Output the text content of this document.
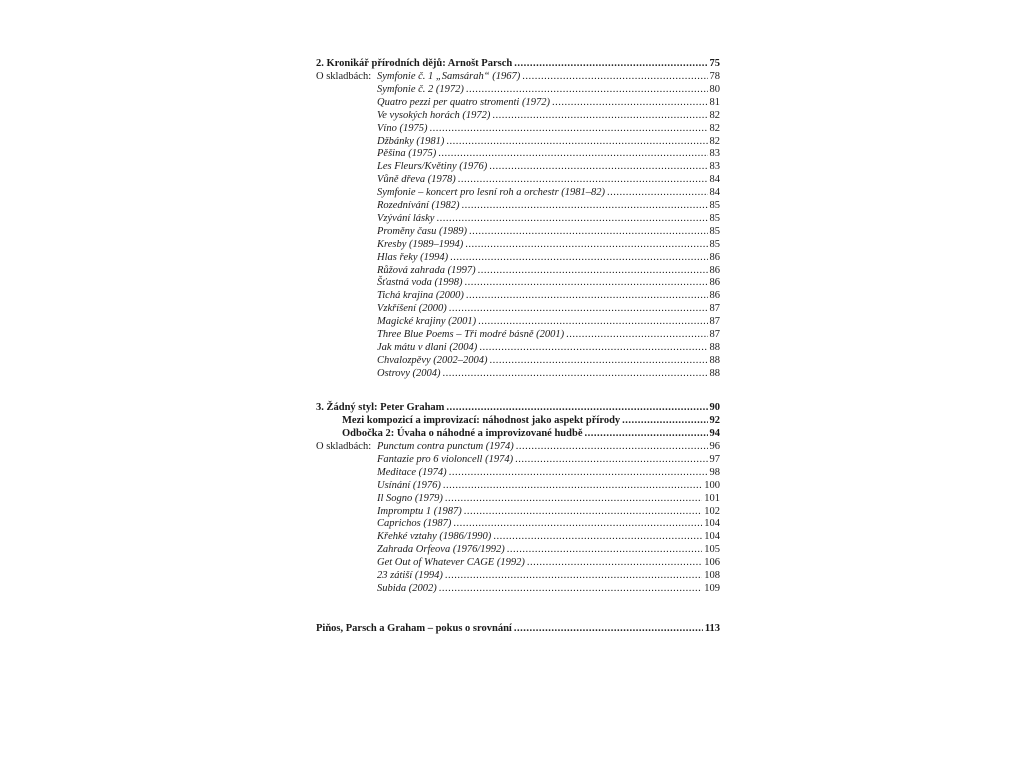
2. Kronikář přírodních dějů: Arnošt Parsch .....	75
O skladbách: Symfonie č. 1 „Samsárah“ (1967) .....	78
Symfonie č. 2 (1972) .....	80
Quatro pezzi per quatro stromenti (1972) .....	81
Ve vysokých horách (1972) .....	82
Víno (1975) .....	82
Džbánky (1981) .....	82
Pěšina (1975) .....	83
Les Fleurs/Květiny (1976) .....	83
Vůně dřeva (1978) .....	84
Symfonie – koncert pro lesní roh a orchestr (1981–82) .....	84
Rozednívání (1982) .....	85
Vzývání lásky .....	85
Proměny času (1989) .....	85
Kresby (1989–1994) .....	85
Hlas řeky (1994) .....	86
Růžová zahrada (1997) .....	86
Šťastná voda (1998) .....	86
Tichá krajina (2000) .....	86
Vzkříšení (2000) .....	87
Magické krajiny (2001) .....	87
Three Blue Poems – Tři modré básně (2001) .....	87
Jak mátu v dlani (2004) .....	88
Chvalozpěvy (2002–2004) .....	88
Ostrovy (2004) .....	88
3. Žádný styl: Peter Graham .....	90
Mezi kompozicí a improvizací: náhodnost jako aspekt přírody .....	92
Odbočka 2: Úvaha o náhodné a improvizované hudbě .....	94
O skladbách: Punctum contra punctum (1974) .....	96
Fantazie pro 6 violoncell (1974) .....	97
Meditace (1974) .....	98
Usínání (1976) .....	100
Il Sogno (1979) .....	101
Impromptu 1 (1987) .....	102
Caprichos (1987) .....	104
Křehké vztahy (1986/1990) .....	104
Zahrada Orfeova (1976/1992) .....	105
Get Out of Whatever CAGE (1992) .....	106
23 zátiší (1994) .....	108
Subida (2002) .....	109
Piňos, Parsch a Graham – pokus o srovnání .....	113
